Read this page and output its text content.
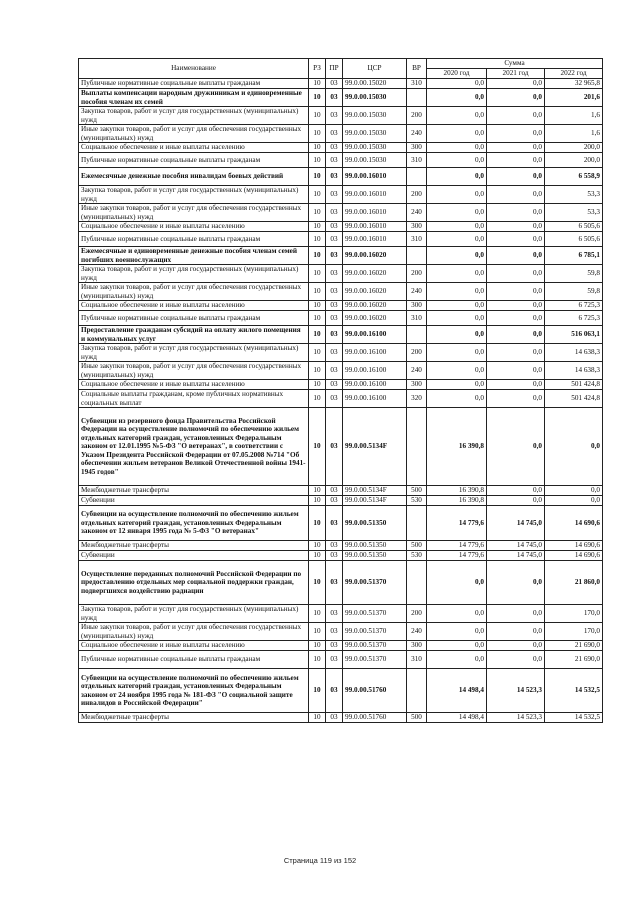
Наименование	РЗ	ПР	ЦСР	ВР	Сумма		
					2020 год	2021 год	2022 год
Публичные нормативные социальные выплаты гражданам	10	03	99.0.00.15020	310	0,0	0,0	32 965,8
Выплаты компенсации народным дружинникам и единовременные пособия членам их семей	10	03	99.0.00.15030		0,0	0,0	201,6
Закупка товаров, работ и услуг для государственных (муниципальных) нужд	10	03	99.0.00.15030	200	0,0	0,0	1,6
Иные закупки товаров, работ и услуг для обеспечения государственных (муниципальных) нужд	10	03	99.0.00.15030	240	0,0	0,0	1,6
Социальное обеспечение и иные выплаты населению	10	03	99.0.00.15030	300	0,0	0,0	200,0
Публичные нормативные социальные выплаты гражданам	10	03	99.0.00.15030	310	0,0	0,0	200,0
Ежемесячные денежные пособия инвалидам боевых действий	10	03	99.0.00.16010		0,0	0,0	6 558,9
Закупка товаров, работ и услуг для государственных (муниципальных) нужд	10	03	99.0.00.16010	200	0,0	0,0	53,3
Иные закупки товаров, работ и услуг для обеспечения государственных (муниципальных) нужд	10	03	99.0.00.16010	240	0,0	0,0	53,3
Социальное обеспечение и иные выплаты населению	10	03	99.0.00.16010	300	0,0	0,0	6 505,6
Публичные нормативные социальные выплаты гражданам	10	03	99.0.00.16010	310	0,0	0,0	6 505,6
Ежемесячные и единовременные денежные пособия членам семей погибших военнослужащих	10	03	99.0.00.16020		0,0	0,0	6 785,1
Закупка товаров, работ и услуг для государственных (муниципальных) нужд	10	03	99.0.00.16020	200	0,0	0,0	59,8
Иные закупки товаров, работ и услуг для обеспечения государственных (муниципальных) нужд	10	03	99.0.00.16020	240	0,0	0,0	59,8
Социальное обеспечение и иные выплаты населению	10	03	99.0.00.16020	300	0,0	0,0	6 725,3
Публичные нормативные социальные выплаты гражданам	10	03	99.0.00.16020	310	0,0	0,0	6 725,3
Предоставление гражданам субсидий на оплату жилого помещения и коммунальных услуг	10	03	99.0.00.16100		0,0	0,0	516 063,1
Закупка товаров, работ и услуг для государственных (муниципальных) нужд	10	03	99.0.00.16100	200	0,0	0,0	14 638,3
Иные закупки товаров, работ и услуг для обеспечения государственных (муниципальных) нужд	10	03	99.0.00.16100	240	0,0	0,0	14 638,3
Социальное обеспечение и иные выплаты населению	10	03	99.0.00.16100	300	0,0	0,0	501 424,8
Социальные выплаты гражданам, кроме публичных нормативных социальных выплат	10	03	99.0.00.16100	320	0,0	0,0	501 424,8
Субвенции из резервного фонда Правительства Российской Федерации на осуществление полномочий по обеспечению жильем отдельных категорий граждан, установленных Федеральным законом от 12.01.1995 №5-ФЗ "О ветеранах", в соответствии с Указом Президента Российской Федерации от 07.05.2008 №714 "Об обеспечении жильем ветеранов Великой Отечественной войны 1941-1945 годов"	10	03	99.0.00.5134F		16 390,8	0,0	0,0
Межбюджетные трансферты	10	03	99.0.00.5134F	500	16 390,8	0,0	0,0
Субвенции	10	03	99.0.00.5134F	530	16 390,8	0,0	0,0
Субвенции на осуществление полномочий по обеспечению жильем отдельных категорий граждан, установленных Федеральным законом от 12 января 1995 года № 5-ФЗ "О ветеранах"	10	03	99.0.00.51350		14 779,6	14 745,0	14 690,6
Межбюджетные трансферты	10	03	99.0.00.51350	500	14 779,6	14 745,0	14 690,6
Субвенции	10	03	99.0.00.51350	530	14 779,6	14 745,0	14 690,6
Осуществление переданных полномочий Российской Федерации по предоставлению отдельных мер социальной поддержки граждан, подвергшихся воздействию радиации	10	03	99.0.00.51370		0,0	0,0	21 860,0
Закупка товаров, работ и услуг для государственных (муниципальных) нужд	10	03	99.0.00.51370	200	0,0	0,0	170,0
Иные закупки товаров, работ и услуг для обеспечения государственных (муниципальных) нужд	10	03	99.0.00.51370	240	0,0	0,0	170,0
Социальное обеспечение и иные выплаты населению	10	03	99.0.00.51370	300	0,0	0,0	21 690,0
Публичные нормативные социальные выплаты гражданам	10	03	99.0.00.51370	310	0,0	0,0	21 690,0
Субвенции на осуществление полномочий по обеспечению жильем отдельных категорий граждан, установленных Федеральным законом от 24 ноября 1995 года № 181-ФЗ "О социальной защите инвалидов в Российской Федерации"	10	03	99.0.00.51760		14 498,4	14 523,3	14 532,5
Межбюджетные трансферты	10	03	99.0.00.51760	500	14 498,4	14 523,3	14 532,5
Страница 119 из 152
